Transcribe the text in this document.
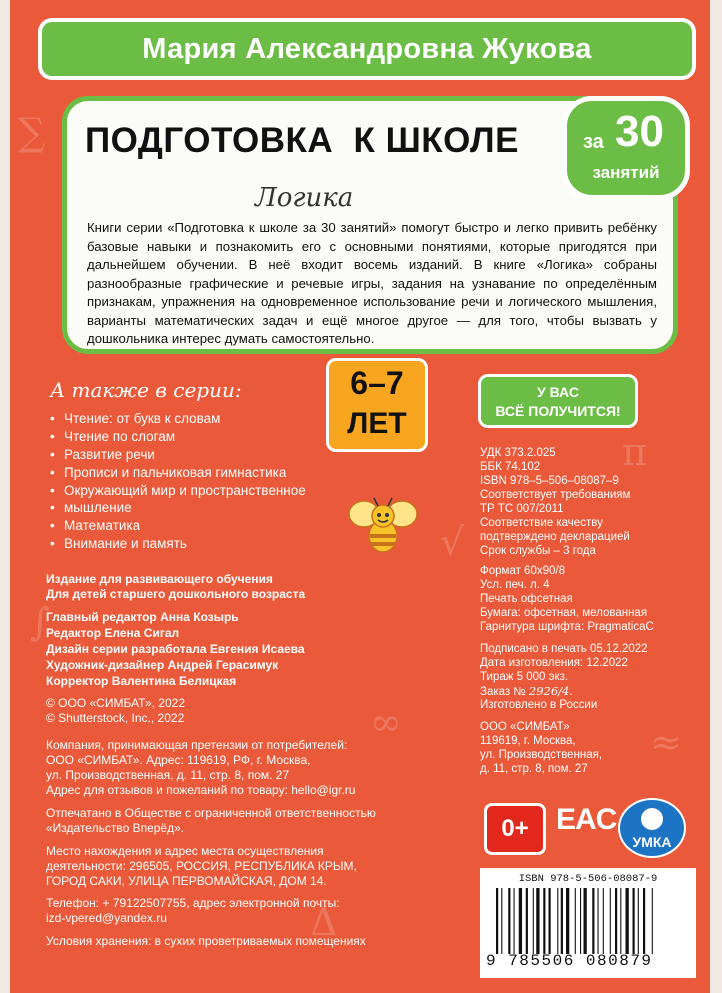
∑
π
√
∫
∞	≈
Δ
Мария Александровна Жукова
ПОДГОТОВКА  К ШКОЛЕ
Логика
Книги серии «Подготовка к школе за 30 занятий» помогут быстро и легко привить ребёнку базовые навыки и познакомить его с основными понятиями, которые пригодятся при дальнейшем обучении. В неё входит восемь изданий. В книге «Логика» собраны разнообразные графические и речевые игры, задания на узнавание по определённым признакам, упражнения на одновременное использование речи и логического мышления, варианты математических задач и ещё многое другое — для того, чтобы вызвать у дошкольника интерес думать самостоятельно.
за 30
занятий
6–7
ЛЕТ
А также в серии:
• Чтение: от букв к словам
• Чтение по слогам
• Развитие речи
• Прописи и пальчиковая гимнастика
• Окружающий мир и пространственное
• мышление
• Математика
• Внимание и память
У ВАС
ВСЁ ПОЛУЧИТСЯ!
УДК 373.2.025
ББК 74.102
ISBN 978–5–506–08087–9
Соответствует требованиям
ТР ТС 007/2011
Соответствие качеству
подтверждено декларацией
Срок службы – 3 года
Формат 60х90/8
Усл. печ. л. 4
Печать офсетная
Бумага: офсетная, мелованная
Гарнитура шрифта: PragmaticaC
Подписано в печать 05.12.2022
Дата изготовления: 12.2022
Тираж 5 000 экз.
Заказ № 2926/4.
Изготовлено в России
ООО «СИМБАТ»
119619, г. Москва,
ул. Производственная,
д. 11, стр. 8, пом. 27
Издание для развивающего обучения
Для детей старшего дошкольного возраста
Главный редактор Анна Козырь
Редактор Елена Сигал
Дизайн серии разработала Евгения Исаева
Художник-дизайнер Андрей Герасимук
Корректор Валентина Белицкая
© ООО «СИМБАТ», 2022
© Shutterstock, Inc., 2022
Компания, принимающая претензии от потребителей:
ООО «СИМБАТ». Адрес: 119619, РФ, г. Москва,
ул. Производственная, д. 11, стр. 8, пом. 27
Адрес для отзывов и пожеланий по товару: hello@igr.ru
Отпечатано в Обществе с ограниченной ответственностью
«Издательство Вперёд».
Место нахождения и адрес места осуществления
деятельности: 296505, РОССИЯ, РЕСПУБЛИКА КРЫМ,
ГОРОД САКИ, УЛИЦА ПЕРВОМАЙСКАЯ, ДОМ 14.
Телефон: + 79122507755, адрес электронной почты:
izd-vpered@yandex.ru
Условия хранения: в сухих проветриваемых помещениях
0+ EAC
УМКА
ISBN 978-5-506-08087-9
9 785506 080879
